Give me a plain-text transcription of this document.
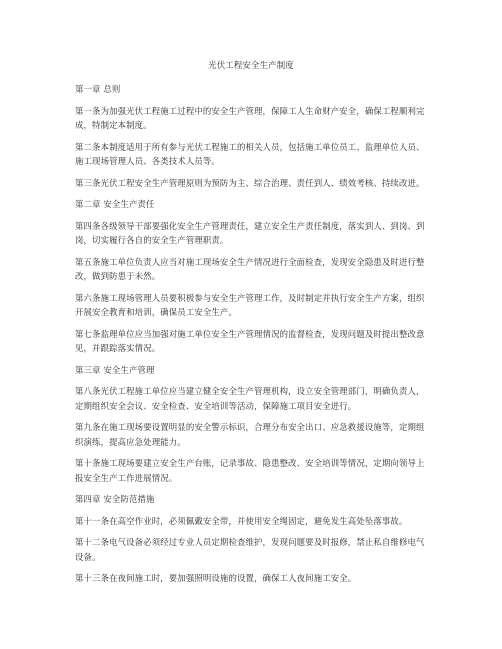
光伏工程安全生产制度
第一章 总则

第一条为加强光伏工程施工过程中的安全生产管理，保障工人生命财产安全，确保工程顺利完成，特制定本制度。

第二条本制度适用于所有参与光伏工程施工的相关人员，包括施工单位员工、监理单位人员、施工现场管理人员、各类技术人员等。

第三条光伏工程安全生产管理原则为预防为主、综合治理、责任到人、绩效考核、持续改进。

第二章 安全生产责任

第四条各级领导干部要强化安全生产管理责任，建立安全生产责任制度，落实到人、到岗、到岗，切实履行各自的安全生产管理职责。

第五条施工单位负责人应当对施工现场安全生产情况进行全面检查，发现安全隐患及时进行整改，做到防患于未然。

第六条施工现场管理人员要积极参与安全生产管理工作，及时制定并执行安全生产方案，组织开展安全教育和培训，确保员工安全生产。

第七条监理单位应当加强对施工单位安全生产管理情况的监督检查，发现问题及时提出整改意见，并跟踪落实情况。

第三章 安全生产管理

第八条光伏工程施工单位应当建立健全安全生产管理机构，设立安全管理部门，明确负责人，定期组织安全会议、安全检查、安全培训等活动，保障施工项目安全进行。

第九条在施工现场要设置明显的安全警示标识，合理分布安全出口、应急救援设施等，定期组织演练，提高应急处理能力。

第十条施工现场要建立安全生产台账，记录事故、隐患整改、安全培训等情况，定期向领导上报安全生产工作进展情况。

第四章 安全防范措施

第十一条在高空作业时，必须佩戴安全带，并使用安全绳固定，避免发生高处坠落事故。

第十二条电气设备必须经过专业人员定期检查维护，发现问题要及时报修，禁止私自维修电气设备。

第十三条在夜间施工时，要加强照明设施的设置，确保工人夜间施工安全。
